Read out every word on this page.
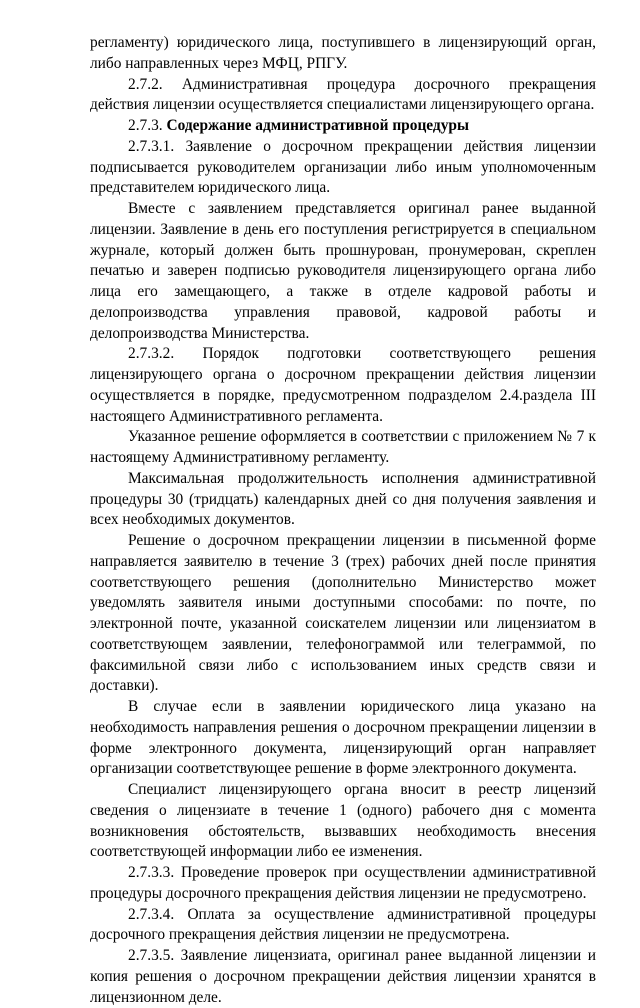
регламенту) юридического лица, поступившего в лицензирующий орган, либо направленных через МФЦ, РПГУ.

2.7.2. Административная процедура досрочного прекращения действия лицензии осуществляется специалистами лицензирующего органа.

2.7.3. Содержание административной процедуры

2.7.3.1. Заявление о досрочном прекращении действия лицензии подписывается руководителем организации либо иным уполномоченным представителем юридического лица.

Вместе с заявлением представляется оригинал ранее выданной лицензии. Заявление в день его поступления регистрируется в специальном журнале, который должен быть прошнурован, пронумерован, скреплен печатью и заверен подписью руководителя лицензирующего органа либо лица его замещающего, а также в отделе кадровой работы и делопроизводства управления правовой, кадровой работы и делопроизводства Министерства.

2.7.3.2. Порядок подготовки соответствующего решения лицензирующего органа о досрочном прекращении действия лицензии осуществляется в порядке, предусмотренном подразделом 2.4.раздела III настоящего Административного регламента.

Указанное решение оформляется в соответствии с приложением № 7 к настоящему Административному регламенту.

Максимальная продолжительность исполнения административной процедуры 30 (тридцать) календарных дней со дня получения заявления и всех необходимых документов.

Решение о досрочном прекращении лицензии в письменной форме направляется заявителю в течение 3 (трех) рабочих дней после принятия соответствующего решения (дополнительно Министерство может уведомлять заявителя иными доступными способами: по почте, по электронной почте, указанной соискателем лицензии или лицензиатом в соответствующем заявлении, телефонограммой или телеграммой, по факсимильной связи либо с использованием иных средств связи и доставки).

В случае если в заявлении юридического лица указано на необходимость направления решения о досрочном прекращении лицензии в форме электронного документа, лицензирующий орган направляет организации соответствующее решение в форме электронного документа.

Специалист лицензирующего органа вносит в реестр лицензий сведения о лицензиате в течение 1 (одного) рабочего дня с момента возникновения обстоятельств, вызвавших необходимость внесения соответствующей информации либо ее изменения.

2.7.3.3. Проведение проверок при осуществлении административной процедуры досрочного прекращения действия лицензии не предусмотрено.

2.7.3.4. Оплата за осуществление административной процедуры досрочного прекращения действия лицензии не предусмотрена.

2.7.3.5. Заявление лицензиата, оригинал ранее выданной лицензии и копия решения о досрочном прекращении действия лицензии хранятся в лицензионном деле.
